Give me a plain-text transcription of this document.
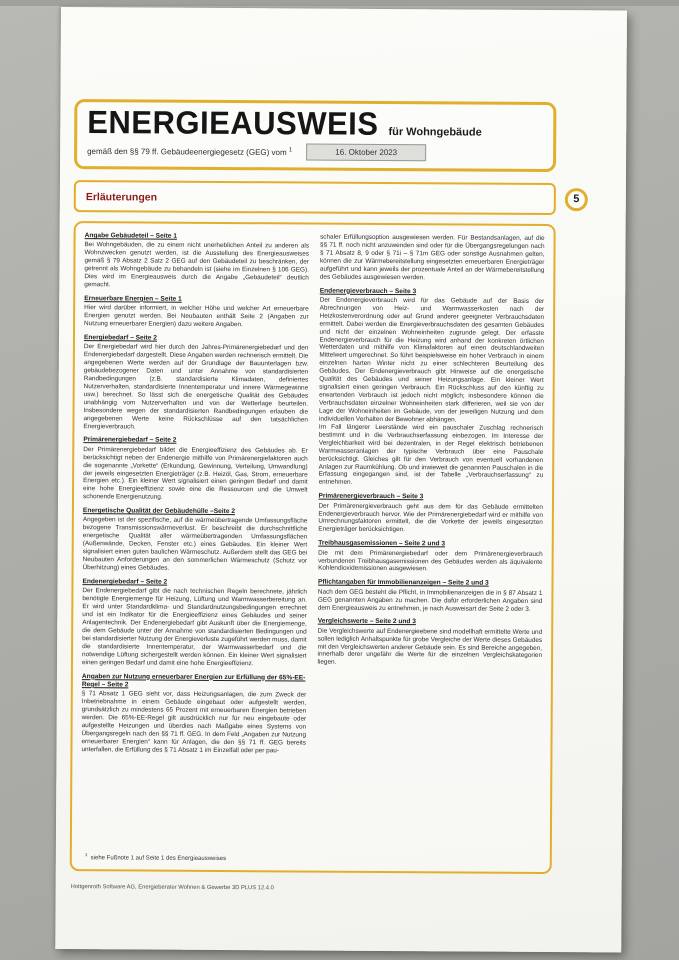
ENERGIEAUSWEIS für Wohngebäude
gemäß den §§ 79 ff. Gebäudeenergiegesetz (GEG) vom $^1$	16. Oktober 2023
Erläuterungen	5
Angabe Gebäudeteil – Seite 1
Bei Wohngebäuden, die zu einem nicht unerheblichen Anteil zu anderen als Wohnzwecken genutzt werden, ist die Ausstellung des Energieausweises gemäß § 79 Absatz 2 Satz 2 GEG auf den Gebäudeteil zu beschränken, der getrennt als Wohngebäude zu behandeln ist (siehe im Einzelnen § 106 GEG). Dies wird im Energieausweis durch die Angabe „Gebäudeteil“ deutlich gemacht.
Erneuerbare Energien – Seite 1
Hier wird darüber informiert, in welcher Höhe und welcher Art erneuerbare Energien genutzt werden. Bei Neubauten enthält Seite 2 (Angaben zur Nutzung erneuerbarer Energien) dazu weitere Angaben.
Energiebedarf – Seite 2
Der Energiebedarf wird hier durch den Jahres-Primärenergiebedarf und den Endenergiebedarf dargestellt. Diese Angaben werden rechnerisch ermittelt. Die angegebenen Werte werden auf der Grundlage der Bauunterlagen bzw. gebäudebezogener Daten und unter Annahme von standardisierten Randbedingungen (z.B. standardisierte Klimadaten, definiertes Nutzerverhalten, standardisierte Innentemperatur und innere Wärmegewinne usw.) berechnet. So lässt sich die energetische Qualität des Gebäudes unabhängig vom Nutzerverhalten und von der Wetterlage beurteilen. Insbesondere wegen der standardisierten Randbedingungen erlauben die angegebenen Werte keine Rückschlüsse auf den tatsächlichen Energieverbrauch.
Primärenergiebedarf – Seite 2
Der Primärenergiebedarf bildet die Energieeffizienz des Gebäudes ab. Er berücksichtigt neben der Endenergie mithilfe von Primärenergiefaktoren auch die sogenannte „Vorkette“ (Erkundung, Gewinnung, Verteilung, Umwandlung) der jeweils eingesetzten Energieträger (z.B. Heizöl, Gas, Strom, erneuerbare Energien etc.). Ein kleiner Wert signalisiert einen geringen Bedarf und damit eine hohe Energieeffizienz sowie eine die Ressourcen und die Umwelt schonende Energienutzung.
Energetische Qualität der Gebäudehülle –Seite 2
Angegeben ist der spezifische, auf die wärmeübertragende Umfassungsfläche bezogene Transmissionswärmeverlust. Er beschreibt die durchschnittliche energetische Qualität aller wärmeübertragenden Umfassungsflächen (Außenwände, Decken, Fenster etc.) eines Gebäudes. Ein kleiner Wert signalisiert einen guten baulichen Wärmeschutz. Außerdem stellt das GEG bei Neubauten Anforderungen an den sommerlichen Wärmeschutz (Schutz vor Überhitzung) eines Gebäudes.
Endenergiebedarf – Seite 2
Der Endenergiebedarf gibt die nach technischen Regeln berechnete, jährlich benötigte Energiemenge für Heizung, Lüftung und Warmwasserbereitung an. Er wird unter Standardklima- und Standardnutzungsbedingungen errechnet und ist ein Indikator für die Energieeffizienz eines Gebäudes und seiner Anlagentechnik. Der Endenergiebedarf gibt Auskunft über die Energiemenge, die dem Gebäude unter der Annahme von standardisierten Bedingungen und bei standardisierter Nutzung der Energieverluste zugeführt werden muss, damit die standardisierte Innentemperatur, der Warmwasserbedarf und die notwendige Lüftung sichergestellt werden können. Ein kleiner Wert signalisiert einen geringen Bedarf und damit eine hohe Energieeffizienz.
Angaben zur Nutzung erneuerbarer Energien zur Erfüllung der 65%-EE-Regel – Seite 2
§ 71 Absatz 1 GEG sieht vor, dass Heizungsanlagen, die zum Zweck der Inbetriebnahme in einem Gebäude eingebaut oder aufgestellt werden, grundsätzlich zu mindestens 65 Prozent mit erneuerbaren Energien betrieben werden. Die 65%-EE-Regel gilt ausdrücklich nur für neu eingebaute oder aufgestellte Heizungen und überdies nach Maßgabe eines Systems von Übergangsregeln nach den §§ 71 ff. GEG. In dem Feld „Angaben zur Nutzung erneuerbarer Energien“ kann für Anlagen, die den §§ 71 ff. GEG bereits unterfallen, die Erfüllung des § 71 Absatz 1 im Einzelfall oder per pau-
schaler Erfüllungsoption ausgewiesen werden. Für Bestandsanlagen, auf die §§ 71 ff. noch nicht anzuwenden sind oder für die Übergangsregelungen nach § 71 Absatz 8, 9 oder § 71i – § 71m GEG oder sonstige Ausnahmen gelten, können die zur Wärmebereitstellung eingesetzten erneuerbaren Energieträger aufgeführt und kann jeweils der prozentuale Anteil an der Wärmebereitstellung des Gebäudes ausgewiesen werden.
Endenergieverbrauch – Seite 3
Der Endenergieverbrauch wird für das Gebäude auf der Basis der Abrechnungen von Heiz- und Warmwasserkosten nach der Heizkostenverordnung oder auf Grund anderer geeigneter Verbrauchsdaten ermittelt. Dabei werden die Energieverbrauchsdaten des gesamten Gebäudes und nicht der einzelnen Wohneinheiten zugrunde gelegt. Der erfasste Endenergieverbrauch für die Heizung wird anhand der konkreten örtlichen Wetterdaten und mithilfe von Klimafaktoren auf einen deutschlandweiten Mittelwert umgerechnet. So führt beispielsweise ein hoher Verbrauch in einem einzelnen harten Winter nicht zu einer schlechteren Beurteilung des Gebäudes. Der Endenergieverbrauch gibt Hinweise auf die energetische Qualität des Gebäudes und seiner Heizungsanlage. Ein kleiner Wert signalisiert einen geringen Verbrauch. Ein Rückschluss auf den künftig zu erwartenden Verbrauch ist jedoch nicht möglich; insbesondere können die Verbrauchsdaten einzelner Wohneinheiten stark differieren, weil sie von der Lage der Wohneinheiten im Gebäude, von der jeweiligen Nutzung und dem individuellen Verhalten der Bewohner abhängen.
Im Fall längerer Leerstände wird ein pauschaler Zuschlag rechnerisch bestimmt und in die Verbrauchserfassung einbezogen. Im Interesse der Vergleichbarkeit wird bei dezentralen, in der Regel elektrisch betriebenen Warmwasseranlagen der typische Verbrauch über eine Pauschale berücksichtigt. Gleiches gilt für den Verbrauch von eventuell vorhandenen Anlagen zur Raumkühlung. Ob und inwieweit die genannten Pauschalen in die Erfassung eingegangen sind, ist der Tabelle „Verbrauchserfassung“ zu entnehmen.
Primärenergieverbrauch – Seite 3
Der Primärenergieverbrauch geht aus dem für das Gebäude ermittelten Endenergieverbrauch hervor. Wie der Primärenergiebedarf wird er mithilfe von Umrechnungsfaktoren ermittelt, die die Vorkette der jeweils eingesetzten Energieträger berücksichtigen.
Treibhausgasemissionen – Seite 2 und 3
Die mit dem Primärenergiebedarf oder dem Primärenergieverbrauch verbundenen Treibhausgasemissionen des Gebäudes werden als äquivalente Kohlendioxidemissionen ausgewiesen.
Pflichtangaben für Immobilienanzeigen – Seite 2 und 3
Nach dem GEG besteht die Pflicht, in Immobilienanzeigen die in § 87 Absatz 1 GEG genannten Angaben zu machen. Die dafür erforderlichen Angaben sind dem Energieausweis zu entnehmen, je nach Ausweisart der Seite 2 oder 3.
Vergleichswerte – Seite 2 und 3
Die Vergleichswerte auf Endenergieebene sind modellhaft ermittelte Werte und sollen lediglich Anhaltspunkte für grobe Vergleiche der Werte dieses Gebäudes mit den Vergleichswerten anderer Gebäude sein. Es sind Bereiche angegeben, innerhalb derer ungefähr die Werte für die einzelnen Vergleichskategorien liegen.
$^1$  siehe Fußnote 1 auf Seite 1 des Energieausweises
Hottgenroth Software AG, Energieberater Wohnen & Gewerbe 3D PLUS 12.4.0
